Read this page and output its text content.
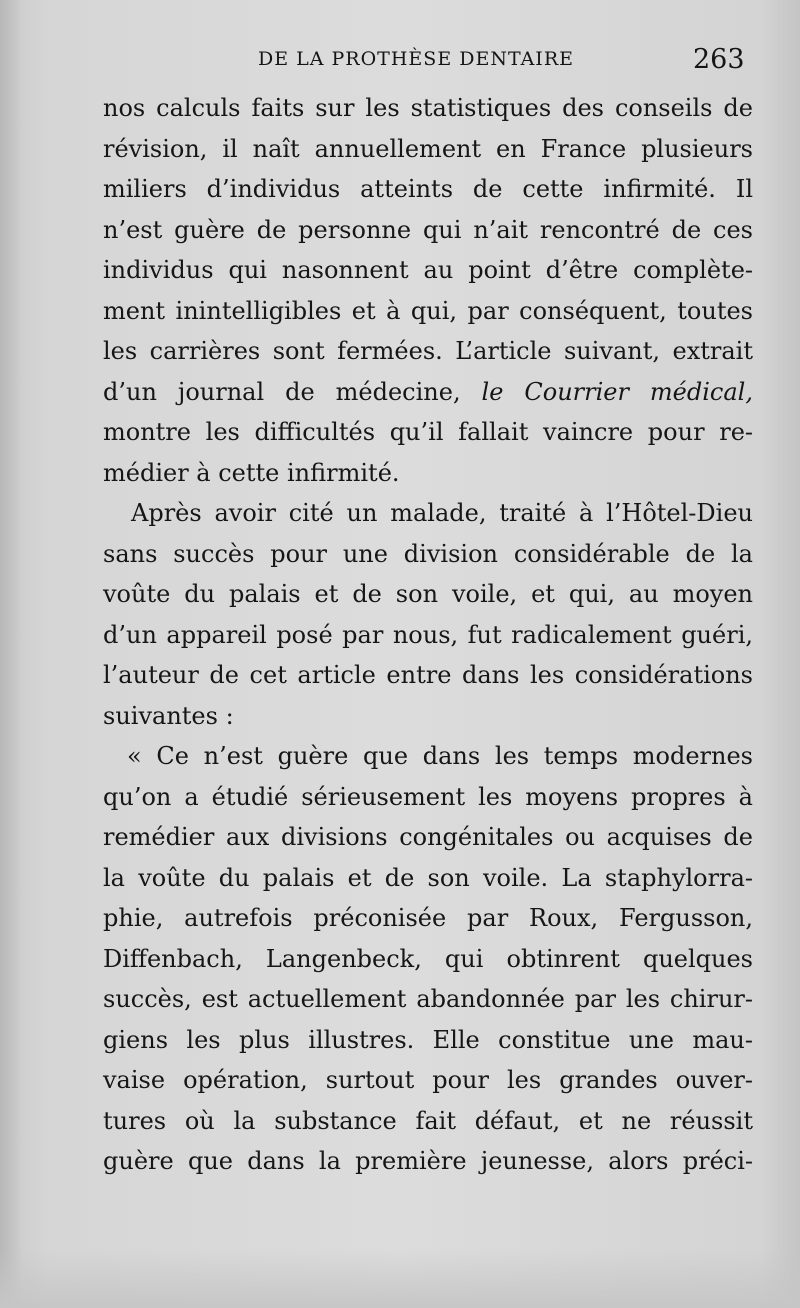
DE LA PROTHÈSE DENTAIRE	263
nos calculs faits sur les statistiques des conseils de
révision, il naît annuellement en France plusieurs
miliers d’individus atteints de cette infirmité. Il
n’est guère de personne qui n’ait rencontré de ces
individus qui nasonnent au point d’être complète-
ment inintelligibles et à qui, par conséquent, toutes
les carrières sont fermées. L’article suivant, extrait
d’un journal de médecine, le Courrier médical,
montre les difficultés qu’il fallait vaincre pour re-
médier à cette infirmité.
Après avoir cité un malade, traité à l’Hôtel-Dieu
sans succès pour une division considérable de la
voûte du palais et de son voile, et qui, au moyen
d’un appareil posé par nous, fut radicalement guéri,
l’auteur de cet article entre dans les considérations
suivantes :
« Ce n’est guère que dans les temps modernes
qu’on a étudié sérieusement les moyens propres à
remédier aux divisions congénitales ou acquises de
la voûte du palais et de son voile. La staphylorra-
phie, autrefois préconisée par Roux, Fergusson,
Diffenbach, Langenbeck, qui obtinrent quelques
succès, est actuellement abandonnée par les chirur-
giens les plus illustres. Elle constitue une mau-
vaise opération, surtout pour les grandes ouver-
tures où la substance fait défaut, et ne réussit
guère que dans la première jeunesse, alors préci-
